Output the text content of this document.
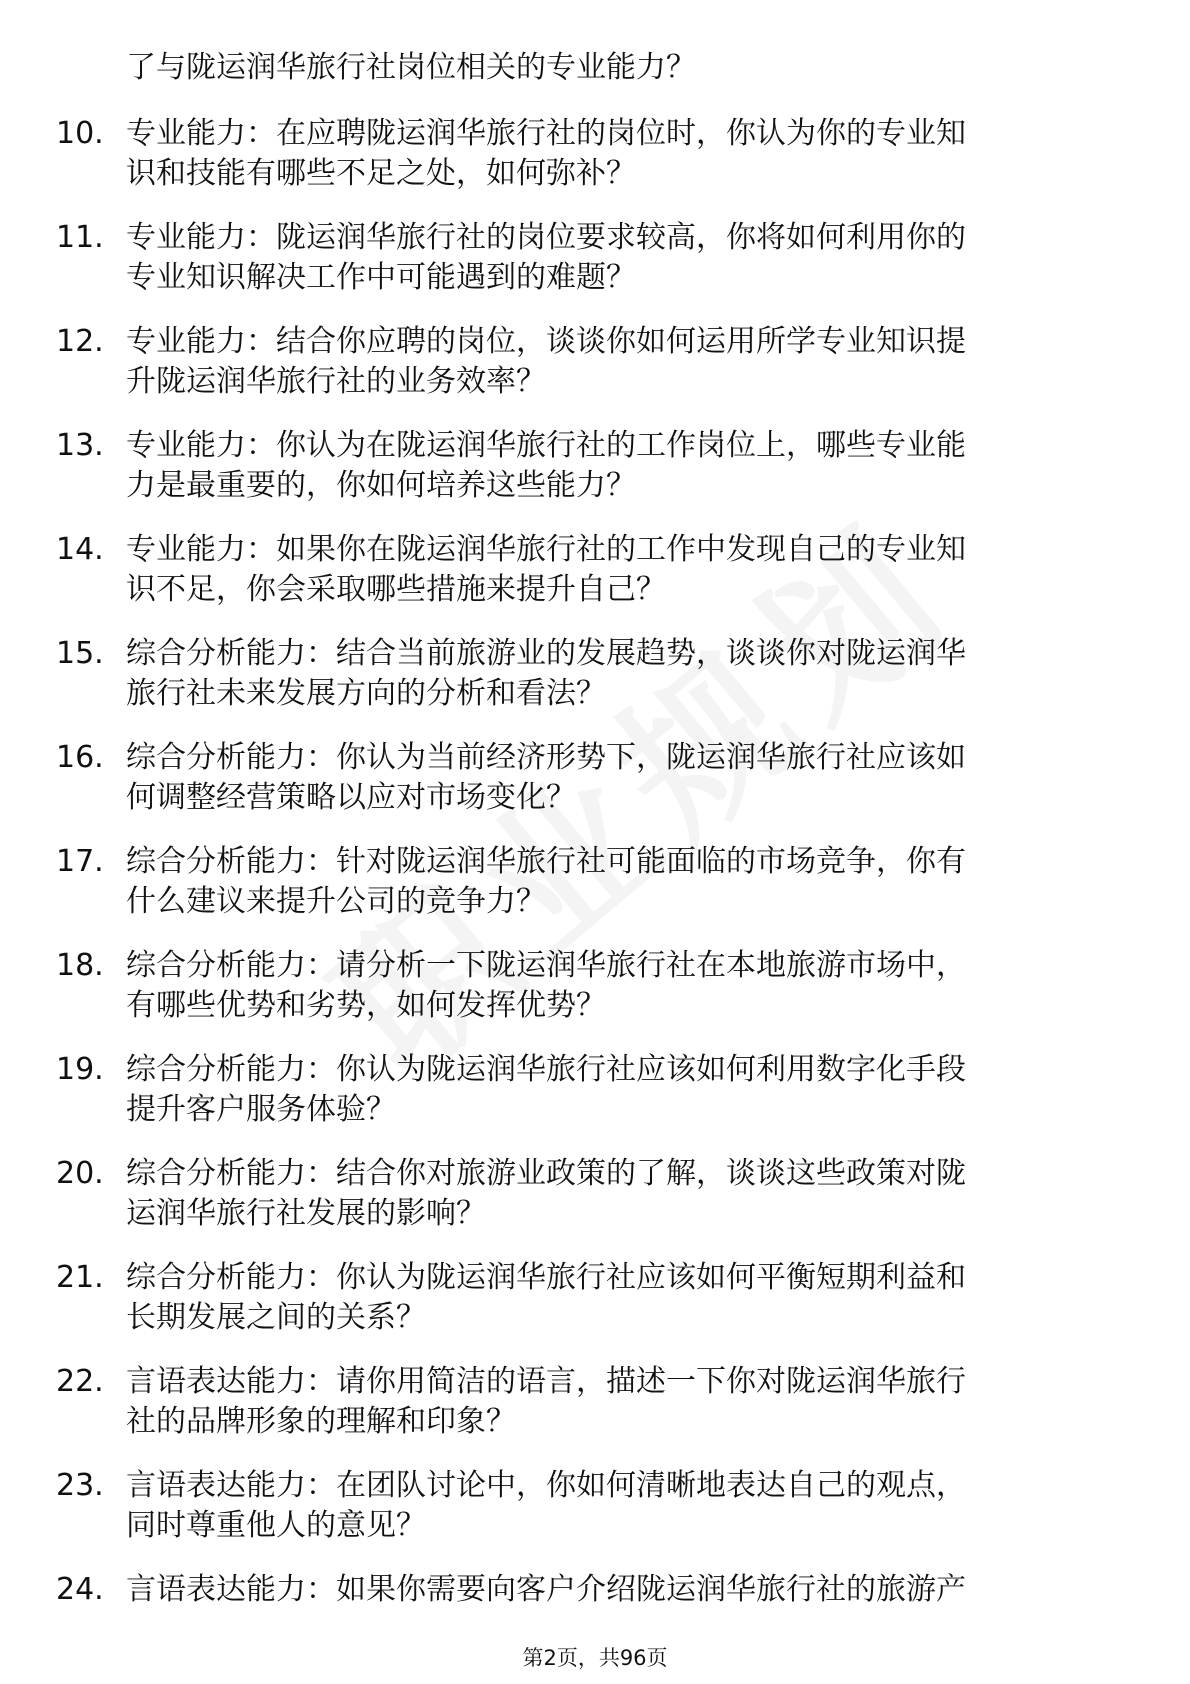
了与陇运润华旅行社岗位相关的专业能力？
10. 专业能力：在应聘陇运润华旅行社的岗位时，你认为你的专业知
识和技能有哪些不足之处，如何弥补？
11. 专业能力：陇运润华旅行社的岗位要求较高，你将如何利用你的
专业知识解决工作中可能遇到的难题？
12. 专业能力：结合你应聘的岗位，谈谈你如何运用所学专业知识提
升陇运润华旅行社的业务效率？
13. 专业能力：你认为在陇运润华旅行社的工作岗位上，哪些专业能
力是最重要的，你如何培养这些能力？
14. 专业能力：如果你在陇运润华旅行社的工作中发现自己的专业知
识不足，你会采取哪些措施来提升自己？
15. 综合分析能力：结合当前旅游业的发展趋势，谈谈你对陇运润华
旅行社未来发展方向的分析和看法？
16. 综合分析能力：你认为当前经济形势下，陇运润华旅行社应该如
何调整经营策略以应对市场变化？
17. 综合分析能力：针对陇运润华旅行社可能面临的市场竞争，你有
什么建议来提升公司的竞争力？
18. 综合分析能力：请分析一下陇运润华旅行社在本地旅游市场中，
有哪些优势和劣势，如何发挥优势？
19. 综合分析能力：你认为陇运润华旅行社应该如何利用数字化手段
提升客户服务体验？
20. 综合分析能力：结合你对旅游业政策的了解，谈谈这些政策对陇
运润华旅行社发展的影响？
21. 综合分析能力：你认为陇运润华旅行社应该如何平衡短期利益和
长期发展之间的关系？
22. 言语表达能力：请你用简洁的语言，描述一下你对陇运润华旅行
社的品牌形象的理解和印象？
23. 言语表达能力：在团队讨论中，你如何清晰地表达自己的观点，
同时尊重他人的意见？
24. 言语表达能力：如果你需要向客户介绍陇运润华旅行社的旅游产
第2页，共96页
